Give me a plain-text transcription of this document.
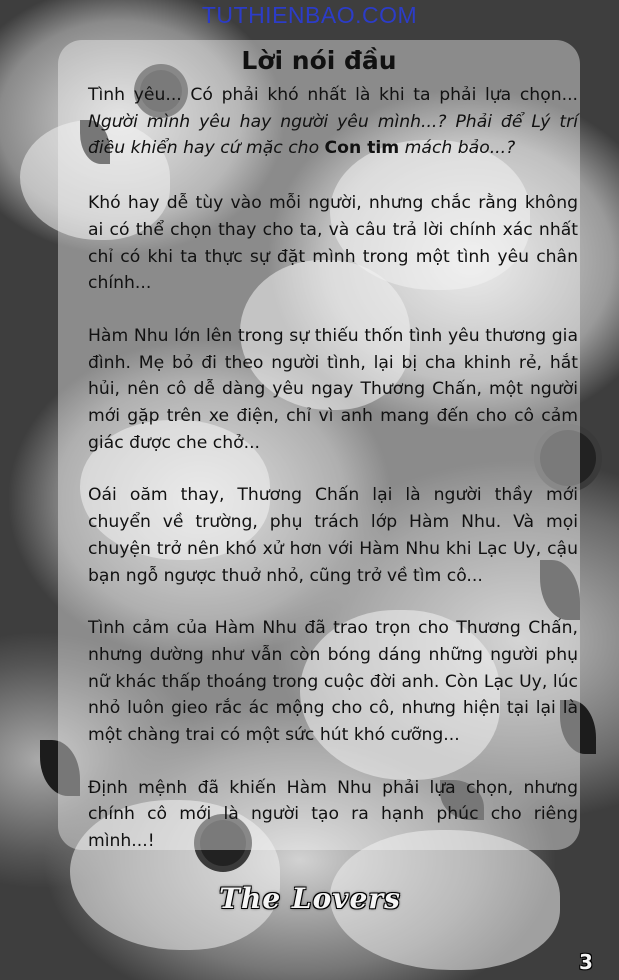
TUTHIENBAO.COM
Lời nói đầu

Tình yêu... Có phải khó nhất là khi ta phải lựa chọn... Người mình yêu hay người yêu mình...? Phải để Lý trí điều khiển hay cứ mặc cho Con tim mách bảo...?

Khó hay dễ tùy vào mỗi người, nhưng chắc rằng không ai có thể chọn thay cho ta, và câu trả lời chính xác nhất chỉ có khi ta thực sự đặt mình trong một tình yêu chân chính...

Hàm Nhu lớn lên trong sự thiếu thốn tình yêu thương gia đình. Mẹ bỏ đi theo người tình, lại bị cha khinh rẻ, hắt hủi, nên cô dễ dàng yêu ngay Thương Chấn, một người mới gặp trên xe điện, chỉ vì anh mang đến cho cô cảm giác được che chở...

Oái oăm thay, Thương Chấn lại là người thầy mới chuyển về trường, phụ trách lớp Hàm Nhu. Và mọi chuyện trở nên khó xử hơn với Hàm Nhu khi Lạc Uy, cậu bạn ngỗ ngược thuở nhỏ, cũng trở về tìm cô...

Tình cảm của Hàm Nhu đã trao trọn cho Thương Chấn, nhưng dường như vẫn còn bóng dáng những người phụ nữ khác thấp thoáng trong cuộc đời anh. Còn Lạc Uy, lúc nhỏ luôn gieo rắc ác mộng cho cô, nhưng hiện tại lại là một chàng trai có một sức hút khó cưỡng...

Định mệnh đã khiến Hàm Nhu phải lựa chọn, nhưng chính cô mới là người tạo ra hạnh phúc cho riêng mình...!

The Lovers
3
